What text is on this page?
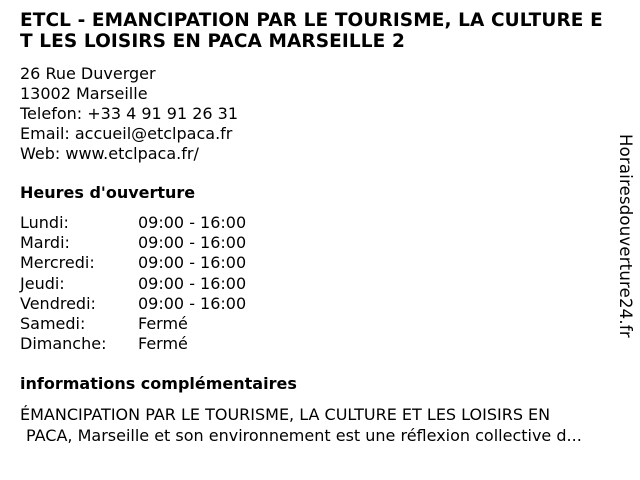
ETCL - EMANCIPATION PAR LE TOURISME, LA CULTURE ET LES LOISIRS EN PACA MARSEILLE 2
26 Rue Duverger
13002 Marseille
Telefon: +33 4 91 91 26 31
Email: accueil@etclpaca.fr
Web: www.etclpaca.fr/
Heures d'ouverture
Lundi:	09:00 - 16:00
Mardi:	09:00 - 16:00
Mercredi:	09:00 - 16:00
Jeudi:	09:00 - 16:00
Vendredi:	09:00 - 16:00
Samedi:	Fermé
Dimanche: Fermé
informations complémentaires
ÉMANCIPATION PAR LE TOURISME, LA CULTURE ET LES LOISIRS EN
PACA, Marseille et son environnement est une réflexion collective d...
Horairesdouverture24.fr
